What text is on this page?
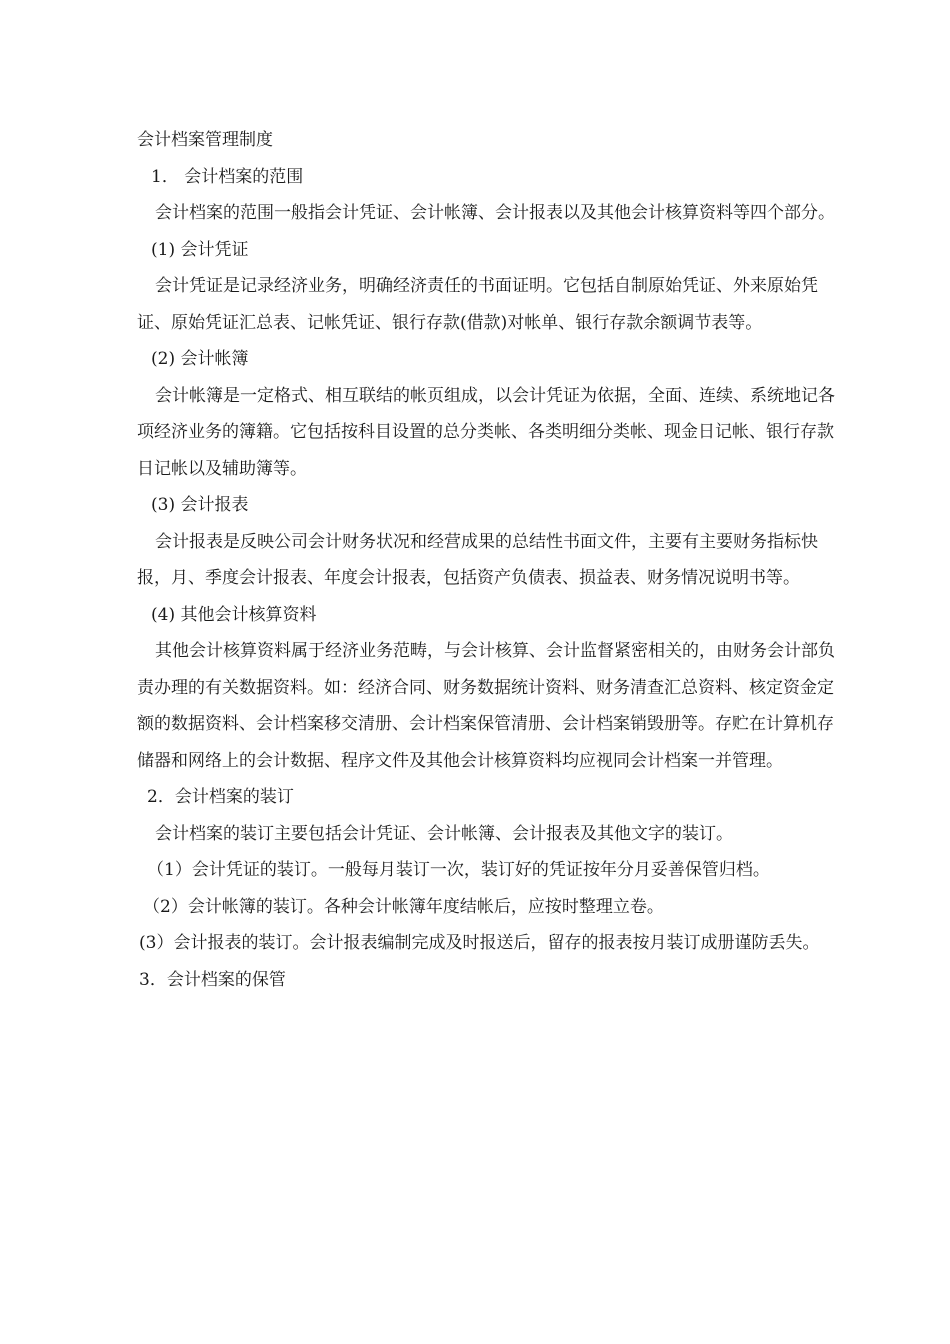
会计档案管理制度

1． 会计档案的范围

会计档案的范围一般指会计凭证、会计帐簿、会计报表以及其他会计核算资料等四个部分。

(1) 会计凭证

会计凭证是记录经济业务，明确经济责任的书面证明。它包括自制原始凭证、外来原始凭证、原始凭证汇总表、记帐凭证、银行存款(借款)对帐单、银行存款余额调节表等。

(2) 会计帐簿

会计帐簿是一定格式、相互联结的帐页组成，以会计凭证为依据，全面、连续、系统地记各项经济业务的簿籍。它包括按科目设置的总分类帐、各类明细分类帐、现金日记帐、银行存款日记帐以及辅助簿等。

(3) 会计报表

会计报表是反映公司会计财务状况和经营成果的总结性书面文件，主要有主要财务指标快报，月、季度会计报表、年度会计报表，包括资产负债表、损益表、财务情况说明书等。

(4) 其他会计核算资料

其他会计核算资料属于经济业务范畴，与会计核算、会计监督紧密相关的，由财务会计部负责办理的有关数据资料。如：经济合同、财务数据统计资料、财务清查汇总资料、核定资金定额的数据资料、会计档案移交清册、会计档案保管清册、会计档案销毁册等。存贮在计算机存储器和网络上的会计数据、程序文件及其他会计核算资料均应视同会计档案一并管理。

2．会计档案的装订

会计档案的装订主要包括会计凭证、会计帐簿、会计报表及其他文字的装订。

（1）会计凭证的装订。一般每月装订一次，装订好的凭证按年分月妥善保管归档。

（2）会计帐簿的装订。各种会计帐簿年度结帐后，应按时整理立卷。

(3）会计报表的装订。会计报表编制完成及时报送后，留存的报表按月装订成册谨防丢失。

3．会计档案的保管
